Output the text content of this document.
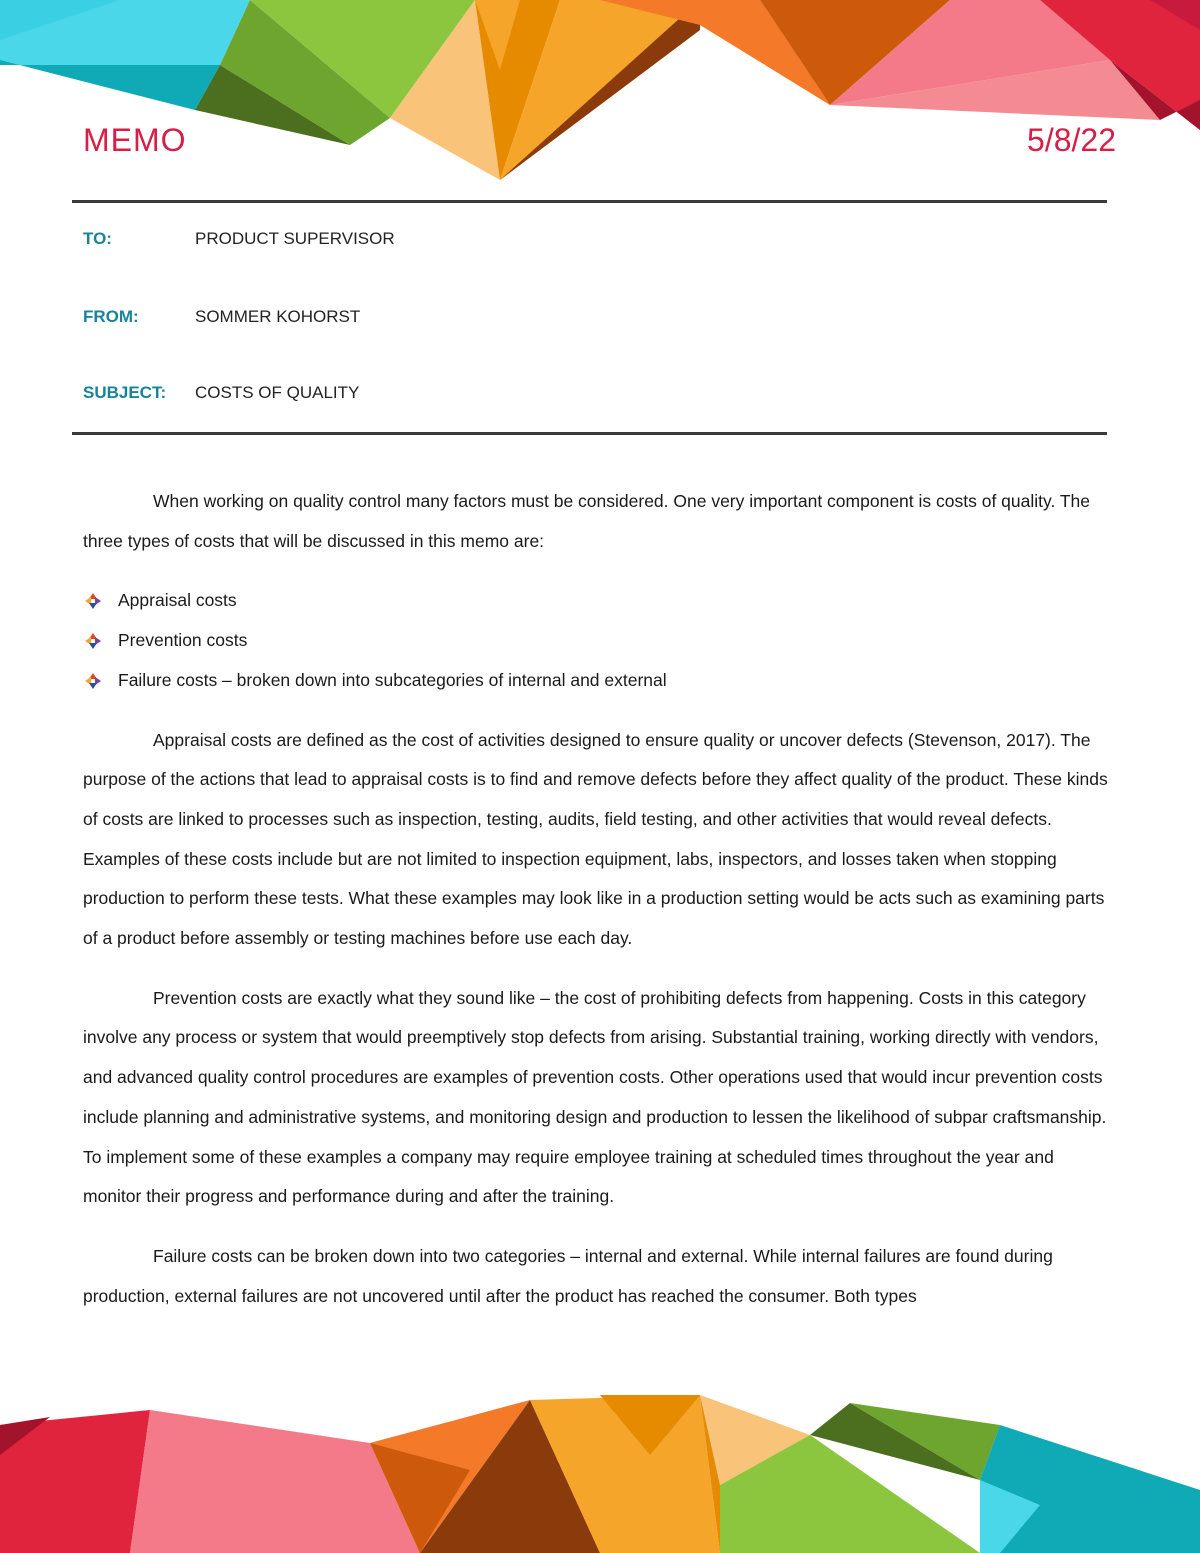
MEMO	5/8/22
TO:	PRODUCT SUPERVISOR
FROM:	SOMMER KOHORST
SUBJECT:	COSTS OF QUALITY

When working on quality control many factors must be considered. One very important component is costs of quality. The three types of costs that will be discussed in this memo are:

Appraisal costs
Prevention costs
Failure costs – broken down into subcategories of internal and external

Appraisal costs are defined as the cost of activities designed to ensure quality or uncover defects (Stevenson, 2017). The purpose of the actions that lead to appraisal costs is to find and remove defects before they affect quality of the product. These kinds of costs are linked to processes such as inspection, testing, audits, field testing, and other activities that would reveal defects. Examples of these costs include but are not limited to inspection equipment, labs, inspectors, and losses taken when stopping production to perform these tests. What these examples may look like in a production setting would be acts such as examining parts of a product before assembly or testing machines before use each day.

Prevention costs are exactly what they sound like – the cost of prohibiting defects from happening. Costs in this category involve any process or system that would preemptively stop defects from arising. Substantial training, working directly with vendors, and advanced quality control procedures are examples of prevention costs. Other operations used that would incur prevention costs include planning and administrative systems, and monitoring design and production to lessen the likelihood of subpar craftsmanship. To implement some of these examples a company may require employee training at scheduled times throughout the year and monitor their progress and performance during and after the training.

Failure costs can be broken down into two categories – internal and external. While internal failures are found during production, external failures are not uncovered until after the product has reached the consumer. Both types
